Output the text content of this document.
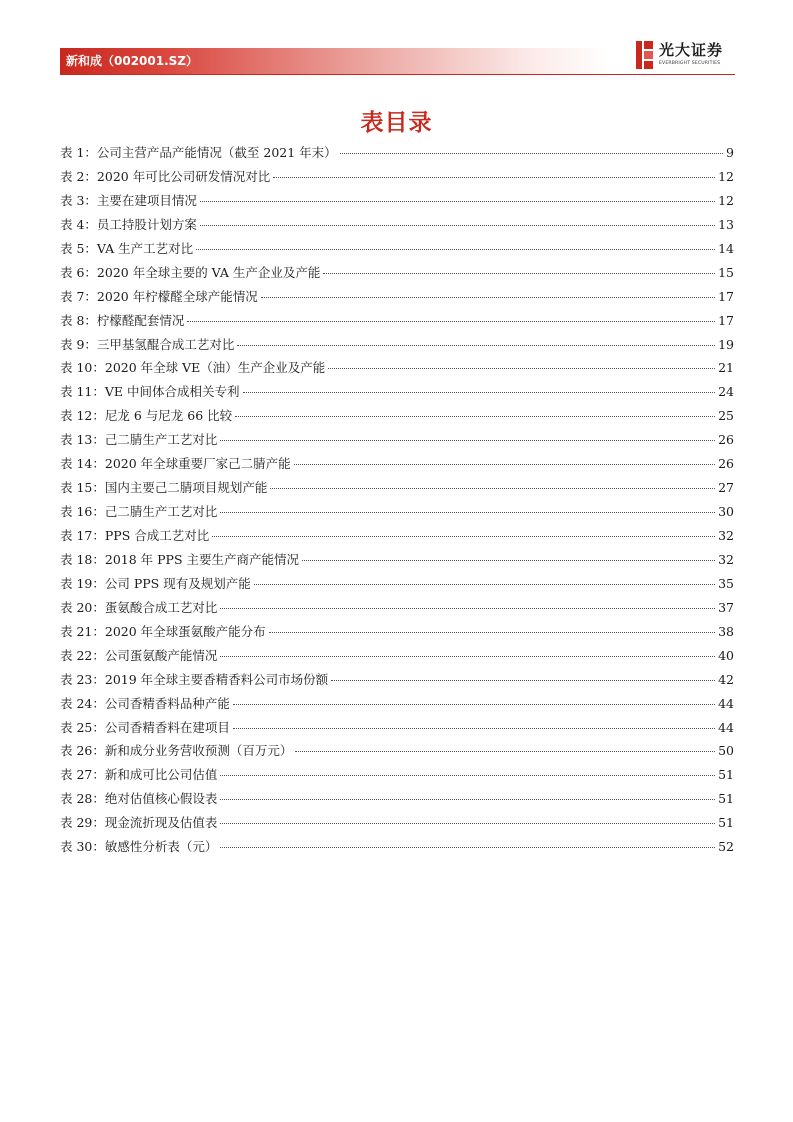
新和成（002001.SZ）
光大证券
EVERBRIGHT SECURITIES
表目录
表 1：公司主营产品产能情况（截至 2021 年末）	9
表 2：2020 年可比公司研发情况对比	12
表 3：主要在建项目情况	12
表 4：员工持股计划方案	13
表 5：VA 生产工艺对比	14
表 6：2020 年全球主要的 VA 生产企业及产能	15
表 7：2020 年柠檬醛全球产能情况	17
表 8：柠檬醛配套情况	17
表 9：三甲基氢醌合成工艺对比	19
表 10：2020 年全球 VE（油）生产企业及产能	21
表 11：VE 中间体合成相关专利	24
表 12：尼龙 6 与尼龙 66 比较	25
表 13：己二腈生产工艺对比	26
表 14：2020 年全球重要厂家己二腈产能	26
表 15：国内主要己二腈项目规划产能	27
表 16：己二腈生产工艺对比	30
表 17：PPS 合成工艺对比	32
表 18：2018 年 PPS 主要生产商产能情况	32
表 19：公司 PPS 现有及规划产能	35
表 20：蛋氨酸合成工艺对比	37
表 21：2020 年全球蛋氨酸产能分布	38
表 22：公司蛋氨酸产能情况	40
表 23：2019 年全球主要香精香料公司市场份额	42
表 24：公司香精香料品种产能	44
表 25：公司香精香料在建项目	44
表 26：新和成分业务营收预测（百万元）	50
表 27：新和成可比公司估值	51
表 28：绝对估值核心假设表	51
表 29：现金流折现及估值表	51
表 30：敏感性分析表（元）	52
